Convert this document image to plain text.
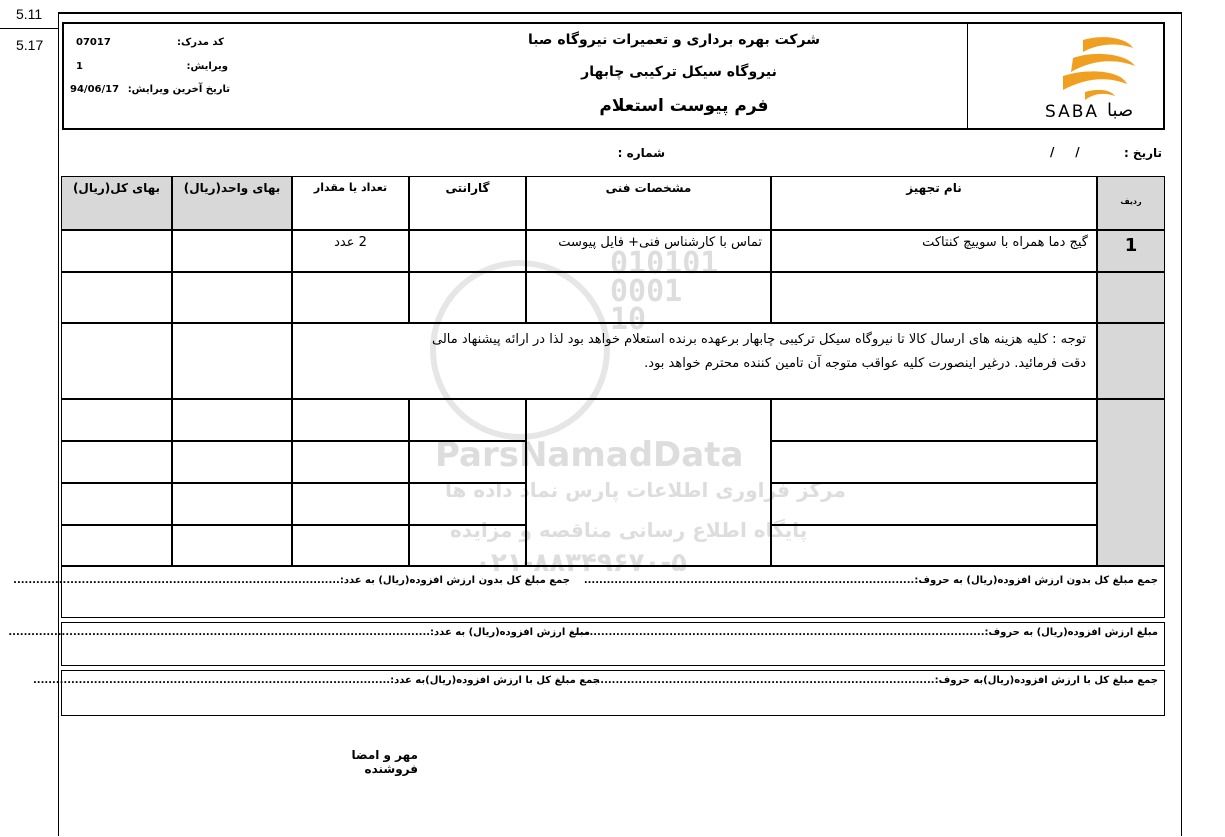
5.11
5.17
010101
0001
10
ParsNamadData
مرکز فراوری اطلاعات پارس نماد داده ها
پایگاه اطلاع رسانی مناقصه و مزایده
۰۲۱-۸۸۳۴۹۶۷۰-۵
SABA صبا
شرکت بهره برداری و تعمیرات نیروگاه صبا
نیروگاه سیکل ترکیبی چابهار
فرم پیوست استعلام
کد مدرک:
07017
ویرایش:
1
تاریخ آخرین ویرایش:
94/06/17
تاریخ :
/     /
شماره :
ردیف
نام تجهیز
مشخصات فنی
گارانتی
تعداد یا مقدار
بهای واحد(ریال)
بهای کل(ریال)
1
گیج دما همراه با سوییچ کنتاکت
تماس با کارشناس فنی+ فایل پیوست
2 عدد
توجه : کلیه هزینه های ارسال کالا تا نیروگاه سیکل ترکیبی چابهار برعهده برنده استعلام خواهد بود لذا در ارائه پیشنهاد مالی
دقت فرمائید. درغیر اینصورت کلیه عواقب متوجه آن تامین کننده محترم خواهد بود.
جمع مبلغ کل بدون ارزش افزوده(ریال) به حروف:.......................................................................................
جمع مبلغ کل بدون ارزش افزوده(ریال) به عدد:......................................................................................
مبلغ ارزش افزوده(ریال) به حروف:............................................................................................................
مبلغ ارزش افزوده(ریال) به عدد:...............................................................................................................
جمع مبلغ کل با ارزش افزوده(ریال)به حروف:..........................................................................................
جمع مبلغ کل با ارزش افزوده(ریال)به عدد:..............................................................................................
مهر و امضا فروشنده
